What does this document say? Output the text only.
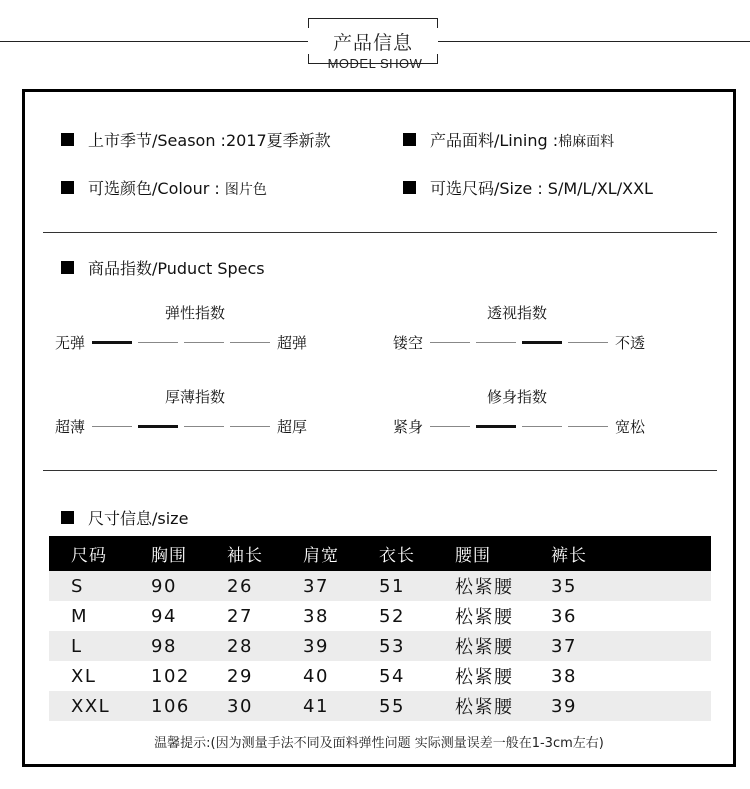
产品信息
MODEL SHOW
上市季节/Season :2017夏季新款	产品面料/Lining :棉麻面料
可选颜色/Colour : 图片色	可选尺码/Size : S/M/L/XL/XXL
商品指数/Puduct Specs
弹性指数
无弹	超弹
透视指数
镂空	不透
厚薄指数
超薄	超厚
修身指数
紧身	宽松
尺寸信息/size
尺码	胸围	袖长	肩宽	衣长	腰围	裤长
S	90	26	37	51	松紧腰	35
M	94	27	38	52	松紧腰	36
L	98	28	39	53	松紧腰	37
XL	102	29	40	54	松紧腰	38
XXL	106	30	41	55	松紧腰	39
温馨提示:(因为测量手法不同及面料弹性问题 实际测量误差一般在1-3cm左右)
